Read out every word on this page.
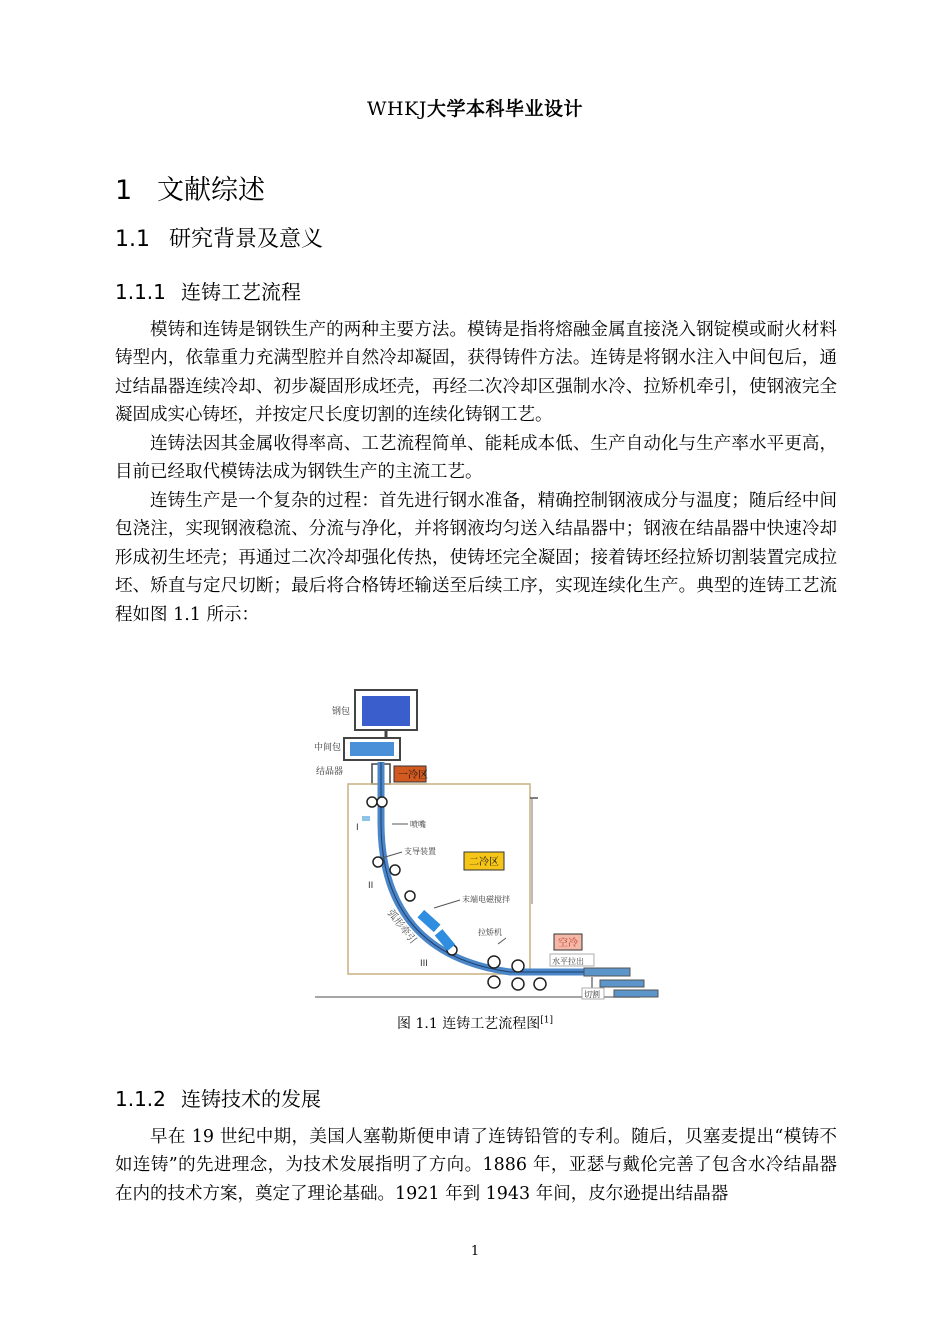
WHKJ大学本科毕业设计
1 文献综述
1.1 研究背景及意义
1.1.1 连铸工艺流程

模铸和连铸是钢铁生产的两种主要方法。模铸是指将熔融金属直接浇入钢锭模或耐火材料铸型内，依靠重力充满型腔并自然冷却凝固，获得铸件方法。连铸是将钢水注入中间包后，通过结晶器连续冷却、初步凝固形成坯壳，再经二次冷却区强制水冷、拉矫机牵引，使钢液完全凝固成实心铸坯，并按定尺长度切割的连续化铸钢工艺。

连铸法因其金属收得率高、工艺流程简单、能耗成本低、生产自动化与生产率水平更高，目前已经取代模铸法成为钢铁生产的主流工艺。

连铸生产是一个复杂的过程：首先进行钢水准备，精确控制钢液成分与温度；随后经中间包浇注，实现钢液稳流、分流与净化，并将钢液均匀送入结晶器中；钢液在结晶器中快速冷却形成初生坯壳；再通过二次冷却强化传热，使铸坯完全凝固；接着铸坯经拉矫切割装置完成拉坯、矫直与定尺切断；最后将合格铸坯输送至后续工序，实现连续化生产。典型的连铸工艺流程如图 1.1 所示：

钢包
中间包
结晶器	一冷区
喷嘴
支导装置
二冷区
末端电磁搅拌
拉矫机
I
II
III
弧形牵引	空冷
水平拉出
切割
图 1.1 连铸工艺流程图[1]
1.1.2 连铸技术的发展

早在 19 世纪中期，美国人塞勒斯便申请了连铸铅管的专利。随后，贝塞麦提出“模铸不如连铸”的先进理念，为技术发展指明了方向。1886 年，亚瑟与戴伦完善了包含水冷结晶器在内的技术方案，奠定了理论基础。1921 年到 1943 年间，皮尔逊提出结晶器

1
